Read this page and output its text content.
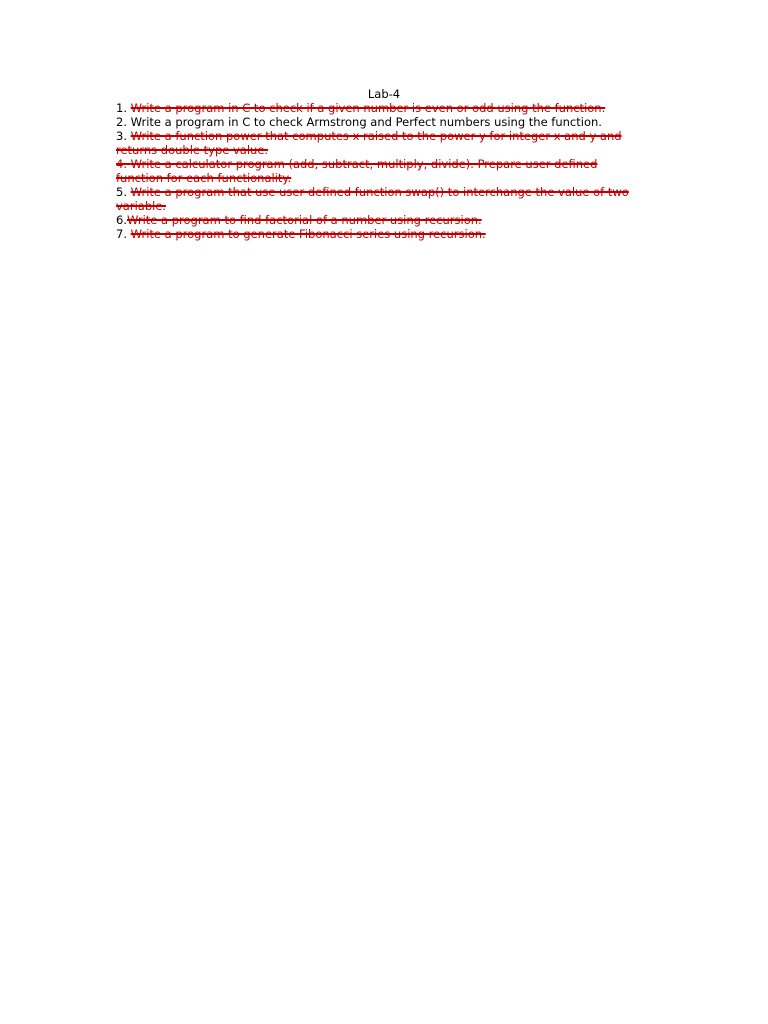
Lab-4

1. Write a program in C to check if a given number is even or odd using the function.

2. Write a program in C to check Armstrong and Perfect numbers using the function.

3. Write a function power that computes x raised to the power y for integer x and y and returns double type value.

4. Write a calculator program (add, subtract, multiply, divide). Prepare user defined function for each functionality.

5. Write a program that use user defined function swap() to interchange the value of two variable.

6.Write a program to find factorial of a number using recursion.

7. Write a program to generate Fibonacci series using recursion.
